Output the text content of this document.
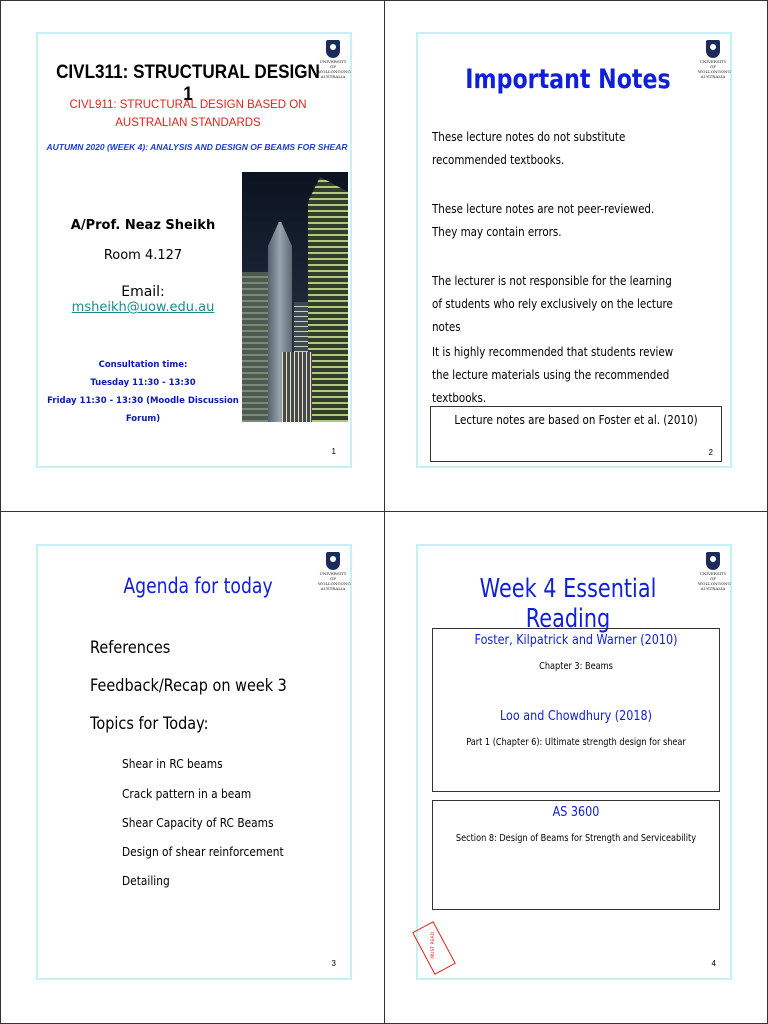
UNIVERSITY
OF WOLLONGONG
AUSTRALIA
CIVL311: STRUCTURAL DESIGN 1
CIVL911: STRUCTURAL DESIGN BASED ON
AUSTRALIAN STANDARDS
AUTUMN 2020 (WEEK 4): ANALYSIS AND DESIGN OF BEAMS FOR SHEAR
A/Prof. Neaz Sheikh
Room 4.127
Email: msheikh@uow.edu.au
Consultation time:
Tuesday 11:30 - 13:30
Friday 11:30 - 13:30 (Moodle Discussion Forum)
1
UNIVERSITY
OF WOLLONGONG
AUSTRALIA
Important Notes
These lecture notes do not substitute recommended textbooks.
These lecture notes are not peer-reviewed. They may contain errors.
The lecturer is not responsible for the learning of students who rely exclusively on the lecture notes
It is highly recommended that students review the lecture materials using the recommended textbooks.
Lecture notes are based on Foster et al. (2010)
2
UNIVERSITY
OF WOLLONGONG
AUSTRALIA
Agenda for today
References
Feedback/Recap on week 3
Topics for Today:
Shear in RC beams
Crack pattern in a beam
Shear Capacity of RC Beams
Design of shear reinforcement
Detailing
3
UNIVERSITY
OF WOLLONGONG
AUSTRALIA
Week 4 Essential Reading
Foster, Kilpatrick and Warner (2010)
Chapter 3: Beams
Loo and Chowdhury (2018)
Part 1 (Chapter 6): Ultimate strength design for shear
AS 3600
Section 8: Design of Beams for Strength and Serviceability
MUST READ
4
